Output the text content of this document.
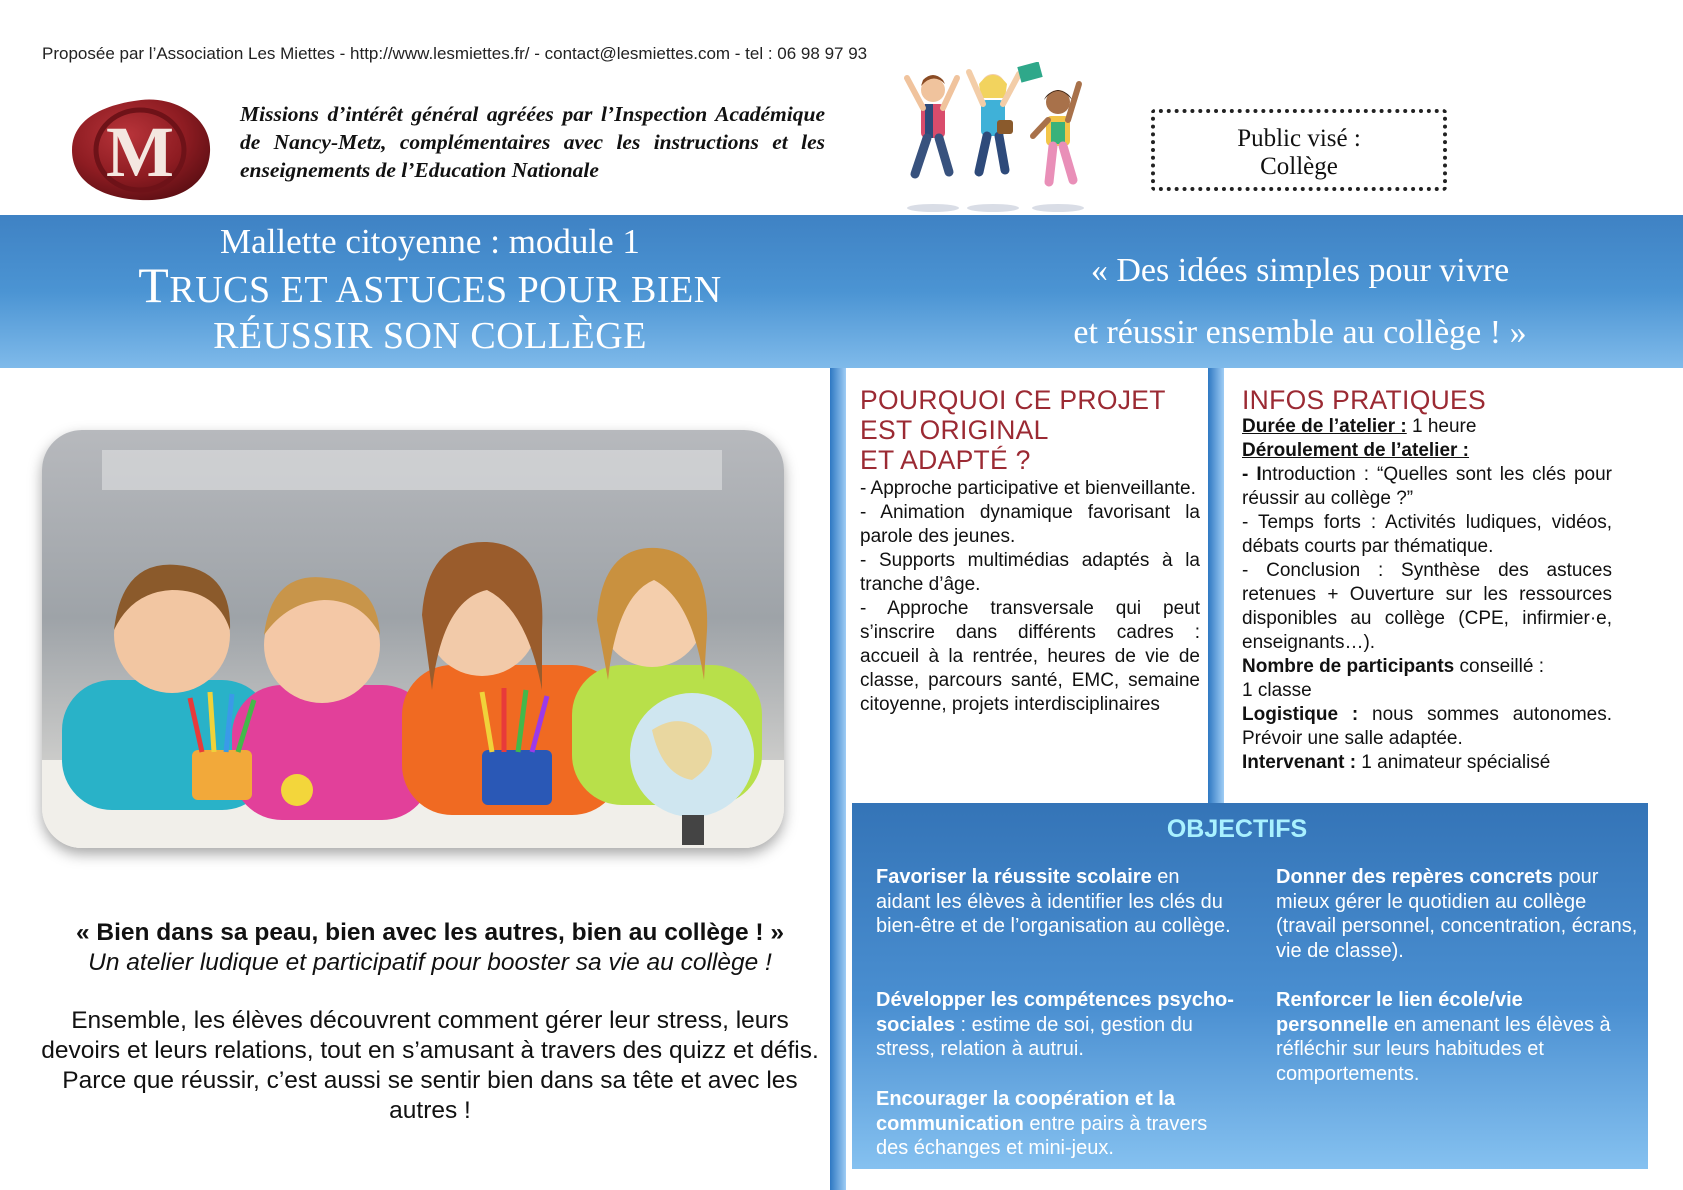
Proposée par l’Association Les Miettes - http://www.lesmiettes.fr/ - contact@lesmiettes.com - tel : 06 98 97 93
M	Missions d’intérêt général agréées par l’Inspection Académique de Nancy-Metz, complémentaires avec les instructions et les enseignements de l’Education Nationale
Public visé :
Collège
Mallette citoyenne : module 1
TRUCS ET ASTUCES POUR BIEN
RÉUSSIR SON COLLÈGE
« Des idées simples pour vivre
et réussir ensemble au collège ! »
« Bien dans sa peau, bien avec les autres, bien au collège ! »
Un atelier ludique et participatif pour booster sa vie au collège !
Ensemble, les élèves découvrent comment gérer leur stress, leurs devoirs et leurs relations, tout en s’amusant à travers des quizz et défis. Parce que réussir, c’est aussi se sentir bien dans sa tête et avec les autres !
POURQUOI CE PROJET
EST ORIGINAL
ET ADAPTÉ ?

- Approche participative et bienveillante.

- Animation dynamique favorisant la parole des jeunes.

- Supports multimédias adaptés à la tranche d’âge.

- Approche transversale qui peut s’inscrire dans différents cadres : accueil à la rentrée, heures de vie de classe, parcours santé, EMC, semaine citoyenne, projets interdisciplinaires

INFOS PRATIQUES

Durée de l’atelier : 1 heure

Déroulement de l’atelier :

- Introduction : “Quelles sont les clés pour réussir au collège ?”

- Temps forts : Activités ludiques, vidéos, débats courts par thématique.

- Conclusion : Synthèse des astuces retenues + Ouverture sur les ressources disponibles au collège (CPE, infirmier·e, enseignants…).

Nombre de participants conseillé :

1 classe

Logistique : nous sommes autonomes. Prévoir une salle adaptée.

Intervenant : 1 animateur spécialisé

OBJECTIFS
Favoriser la réussite scolaire en aidant les élèves à identifier les clés du bien-être et de l’organisation au collège.
Développer les compétences psycho-sociales : estime de soi, gestion du stress, relation à autrui.
Encourager la coopération et la communication entre pairs à travers des échanges et mini-jeux.
Donner des repères concrets pour mieux gérer le quotidien au collège (travail personnel, concentration, écrans, vie de classe).
Renforcer le lien école/vie personnelle en amenant les élèves à réfléchir sur leurs habitudes et comportements.
